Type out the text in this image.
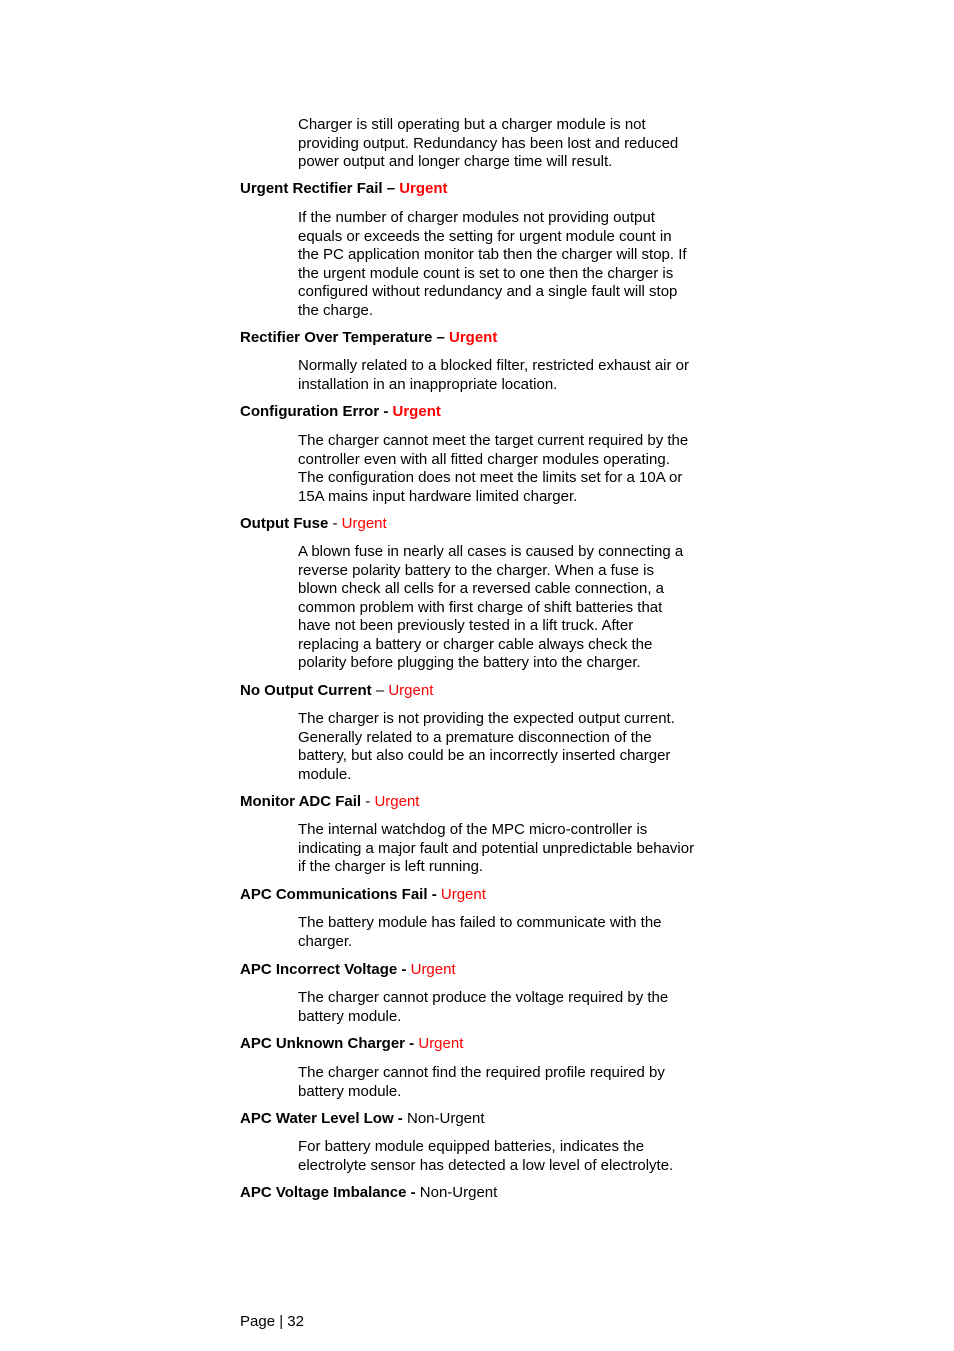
Charger is still operating but a charger module is not
providing output. Redundancy has been lost and reduced
power output and longer charge time will result.
Urgent Rectifier Fail – Urgent
If the number of charger modules not providing output
equals or exceeds the setting for urgent module count in
the PC application monitor tab then the charger will stop. If
the urgent module count is set to one then the charger is
configured without redundancy and a single fault will stop
the charge.
Rectifier Over Temperature – Urgent
Normally related to a blocked filter, restricted exhaust air or
installation in an inappropriate location.
Configuration Error - Urgent
The charger cannot meet the target current required by the
controller even with all fitted charger modules operating.
The configuration does not meet the limits set for a 10A or
15A mains input hardware limited charger.
Output Fuse - Urgent
A blown fuse in nearly all cases is caused by connecting a
reverse polarity battery to the charger. When a fuse is
blown check all cells for a reversed cable connection, a
common problem with first charge of shift batteries that
have not been previously tested in a lift truck. After
replacing a battery or charger cable always check the
polarity before plugging the battery into the charger.
No Output Current – Urgent
The charger is not providing the expected output current.
Generally related to a premature disconnection of the
battery, but also could be an incorrectly inserted charger
module.
Monitor ADC Fail - Urgent
The internal watchdog of the MPC micro-controller is
indicating a major fault and potential unpredictable behavior
if the charger is left running.
APC Communications Fail - Urgent
The battery module has failed to communicate with the
charger.
APC Incorrect Voltage - Urgent
The charger cannot produce the voltage required by the
battery module.
APC Unknown Charger - Urgent
The charger cannot find the required profile required by
battery module.
APC Water Level Low - Non-Urgent
For battery module equipped batteries, indicates the
electrolyte sensor has detected a low level of electrolyte.
APC Voltage Imbalance - Non-Urgent
Page | 32
